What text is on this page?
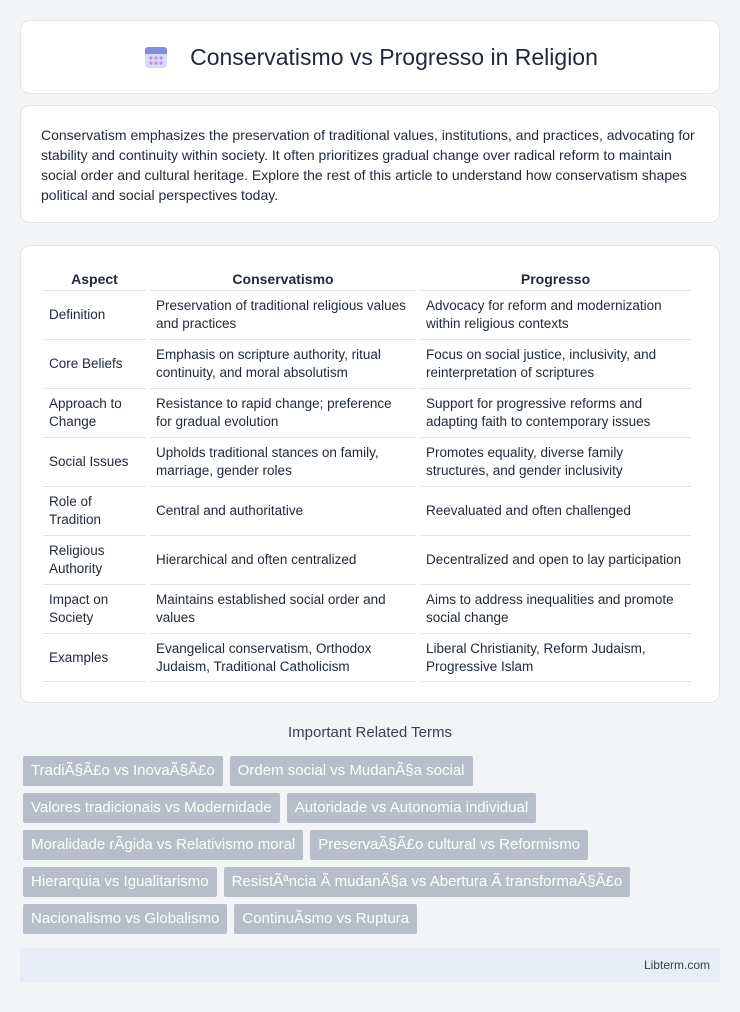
Conservatismo vs Progresso in Religion

Conservatism emphasizes the preservation of traditional values, institutions, and practices, advocating for stability and continuity within society. It often prioritizes gradual change over radical reform to maintain social order and cultural heritage. Explore the rest of this article to understand how conservatism shapes political and social perspectives today.

Aspect	Conservatismo	Progresso
Definition	Preservation of traditional religious values and practices	Advocacy for reform and modernization within religious contexts
Core Beliefs	Emphasis on scripture authority, ritual continuity, and moral absolutism	Focus on social justice, inclusivity, and reinterpretation of scriptures
Approach to Change	Resistance to rapid change; preference for gradual evolution	Support for progressive reforms and adapting faith to contemporary issues
Social Issues	Upholds traditional stances on family, marriage, gender roles	Promotes equality, diverse family structures, and gender inclusivity
Role of Tradition	Central and authoritative	Reevaluated and often challenged
Religious Authority	Hierarchical and often centralized	Decentralized and open to lay participation
Impact on Society	Maintains established social order and values	Aims to address inequalities and promote social change
Examples	Evangelical conservatism, Orthodox Judaism, Traditional Catholicism	Liberal Christianity, Reform Judaism, Progressive Islam
Important Related Terms
TradiÃ§Ã£o vs InovaÃ§Ã£o	Ordem social vs MudanÃ§a social
Valores tradicionais vs Modernidade	Autoridade vs Autonomia individual
Moralidade rÃgida vs Relativismo moral	PreservaÃ§Ã£o cultural vs Reformismo
Hierarquia vs Igualitarismo	ResistÃªncia Ã mudanÃ§a vs Abertura Ã transformaÃ§Ã£o
Nacionalismo vs Globalismo	ContinuÃsmo vs Ruptura
Libterm.com
